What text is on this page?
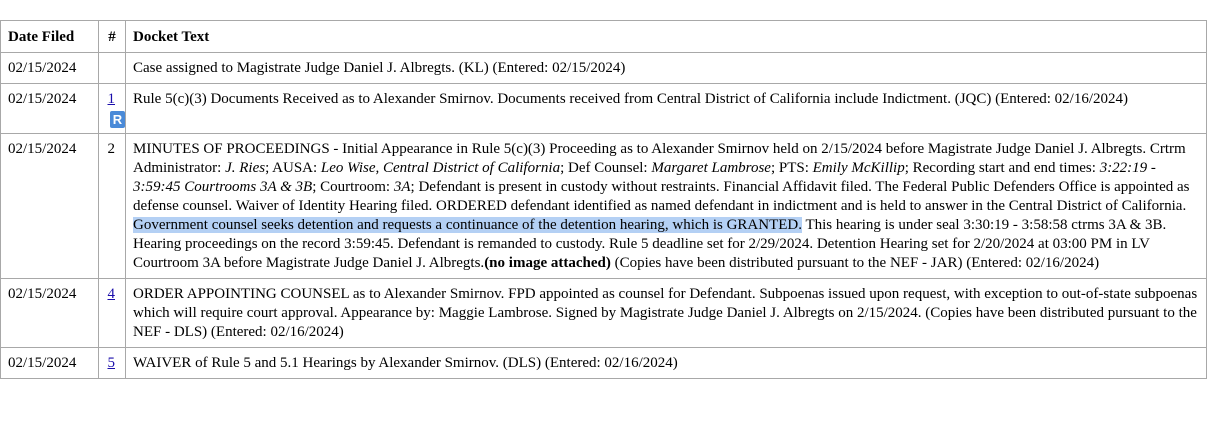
Date Filed	#	Docket Text
02/15/2024		Case assigned to Magistrate Judge Daniel J. Albregts. (KL) (Entered: 02/15/2024)
02/15/2024	1R	Rule 5(c)(3) Documents Received as to Alexander Smirnov. Documents received from Central District of California include Indictment. (JQC) (Entered: 02/16/2024)
02/15/2024	2	MINUTES OF PROCEEDINGS - Initial Appearance in Rule 5(c)(3) Proceeding as to Alexander Smirnov held on 2/15/2024 before Magistrate Judge Daniel J. Albregts. Crtrm Administrator: J. Ries; AUSA: Leo Wise, Central District of California; Def Counsel: Margaret Lambrose; PTS: Emily McKillip; Recording start and end times: 3:22:19 - 3:59:45 Courtrooms 3A & 3B; Courtroom: 3A; Defendant is present in custody without restraints. Financial Affidavit filed. The Federal Public Defenders Office is appointed as defense counsel. Waiver of Identity Hearing filed. ORDERED defendant identified as named defendant in indictment and is held to answer in the Central District of California. Government counsel seeks detention and requests a continuance of the detention hearing, which is GRANTED. This hearing is under seal 3:30:19 - 3:58:58 ctrms 3A & 3B. Hearing proceedings on the record 3:59:45. Defendant is remanded to custody. Rule 5 deadline set for 2/29/2024. Detention Hearing set for 2/20/2024 at 03:00 PM in LV Courtroom 3A before Magistrate Judge Daniel J. Albregts.(no image attached) (Copies have been distributed pursuant to the NEF - JAR) (Entered: 02/16/2024)
02/15/2024	4	ORDER APPOINTING COUNSEL as to Alexander Smirnov. FPD appointed as counsel for Defendant. Subpoenas issued upon request, with exception to out-of-state subpoenas which will require court approval. Appearance by: Maggie Lambrose. Signed by Magistrate Judge Daniel J. Albregts on 2/15/2024. (Copies have been distributed pursuant to the NEF - DLS) (Entered: 02/16/2024)
02/15/2024	5	WAIVER of Rule 5 and 5.1 Hearings by Alexander Smirnov. (DLS) (Entered: 02/16/2024)
